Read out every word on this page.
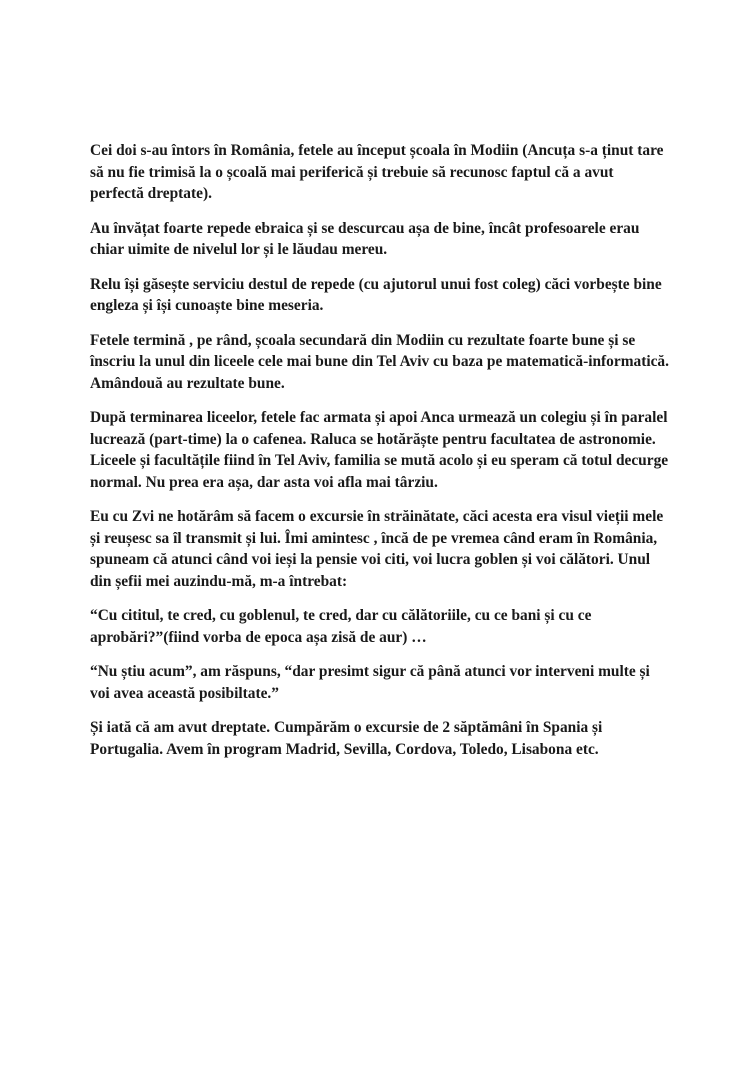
Cei doi s-au întors în România, fetele au început școala în Modiin (Ancuța s-a ținut tare să nu fie trimisă la o școală mai periferică și trebuie să recunosc faptul că a avut perfectă dreptate).

Au învățat foarte repede ebraica și se descurcau așa de bine, încât profesoarele erau chiar uimite de nivelul lor și le lăudau mereu.

Relu își găsește serviciu destul de repede (cu ajutorul unui fost coleg) căci vorbește bine engleza și își cunoaște bine meseria.

Fetele termină , pe rând, școala secundară din Modiin cu rezultate foarte bune și se înscriu la unul din liceele cele mai bune din Tel Aviv cu baza pe matematică-informatică. Amândouă au rezultate bune.

După terminarea liceelor, fetele fac armata și apoi Anca urmează un colegiu și în paralel lucrează (part-time) la o cafenea. Raluca se hotărăște pentru facultatea de astronomie. Liceele și facultățile fiind în Tel Aviv, familia se mută acolo și eu speram că totul decurge normal. Nu prea era așa, dar asta voi afla mai târziu.

Eu cu Zvi ne hotărâm să facem o excursie în străinătate, căci acesta era visul vieții mele și reușesc sa îl transmit și lui. Îmi amintesc , încă de pe vremea când eram în România, spuneam că atunci când voi ieși la pensie voi citi, voi lucra goblen și voi călători. Unul din șefii mei auzindu-mă, m-a întrebat:

“Cu cititul, te cred, cu goblenul, te cred, dar cu călătoriile, cu ce bani și cu ce aprobări?”(fiind vorba de epoca așa zisă de aur) …

“Nu știu acum”, am răspuns, “dar presimt sigur că până atunci vor interveni multe și voi avea această posibiltate.”

Și iată că am avut dreptate. Cumpărăm o excursie de 2 săptămâni în Spania și Portugalia. Avem în program Madrid, Sevilla, Cordova, Toledo, Lisabona etc.
